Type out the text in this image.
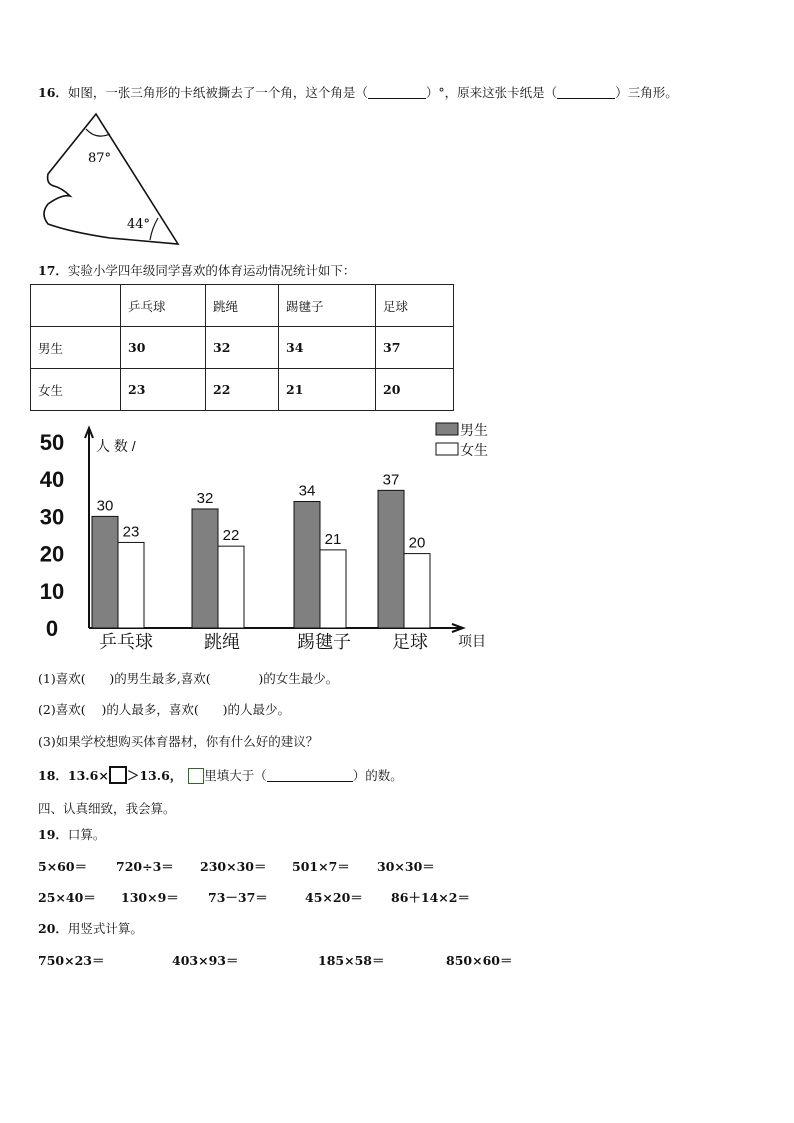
16．如图，一张三角形的卡纸被撕去了一个角，这个角是（	）°，原来这张卡纸是（	）三角形。
87°
44°
17．实验小学四年级同学喜欢的体育运动情况统计如下：
	乒乓球	跳绳	踢毽子	足球
男生	30	32	34	37
女生	23	22	21	20
0
10
20
30
40
50 人 数 /
项目
30
23
乒乓球
32
22
跳绳
34
21
踢毽子
37
20
足球
男生
女生
(1)喜欢(      )的男生最多,喜欢(            )的女生最少。
(2)喜欢(    )的人最多，喜欢(      )的人最少。
(3)如果学校想购买体育器材，你有什么好的建议？
18．13.6× ＞13.6， 里填大于（	）的数。
四、认真细致，我会算。
19．口算。
5×60＝ 720÷3＝ 230×30＝ 501×7＝ 30×30＝
25×40＝ 130×9＝ 73－37＝	45×20＝ 86＋14×2＝
20．用竖式计算。
750×23＝	403×93＝	185×58＝	850×60＝
